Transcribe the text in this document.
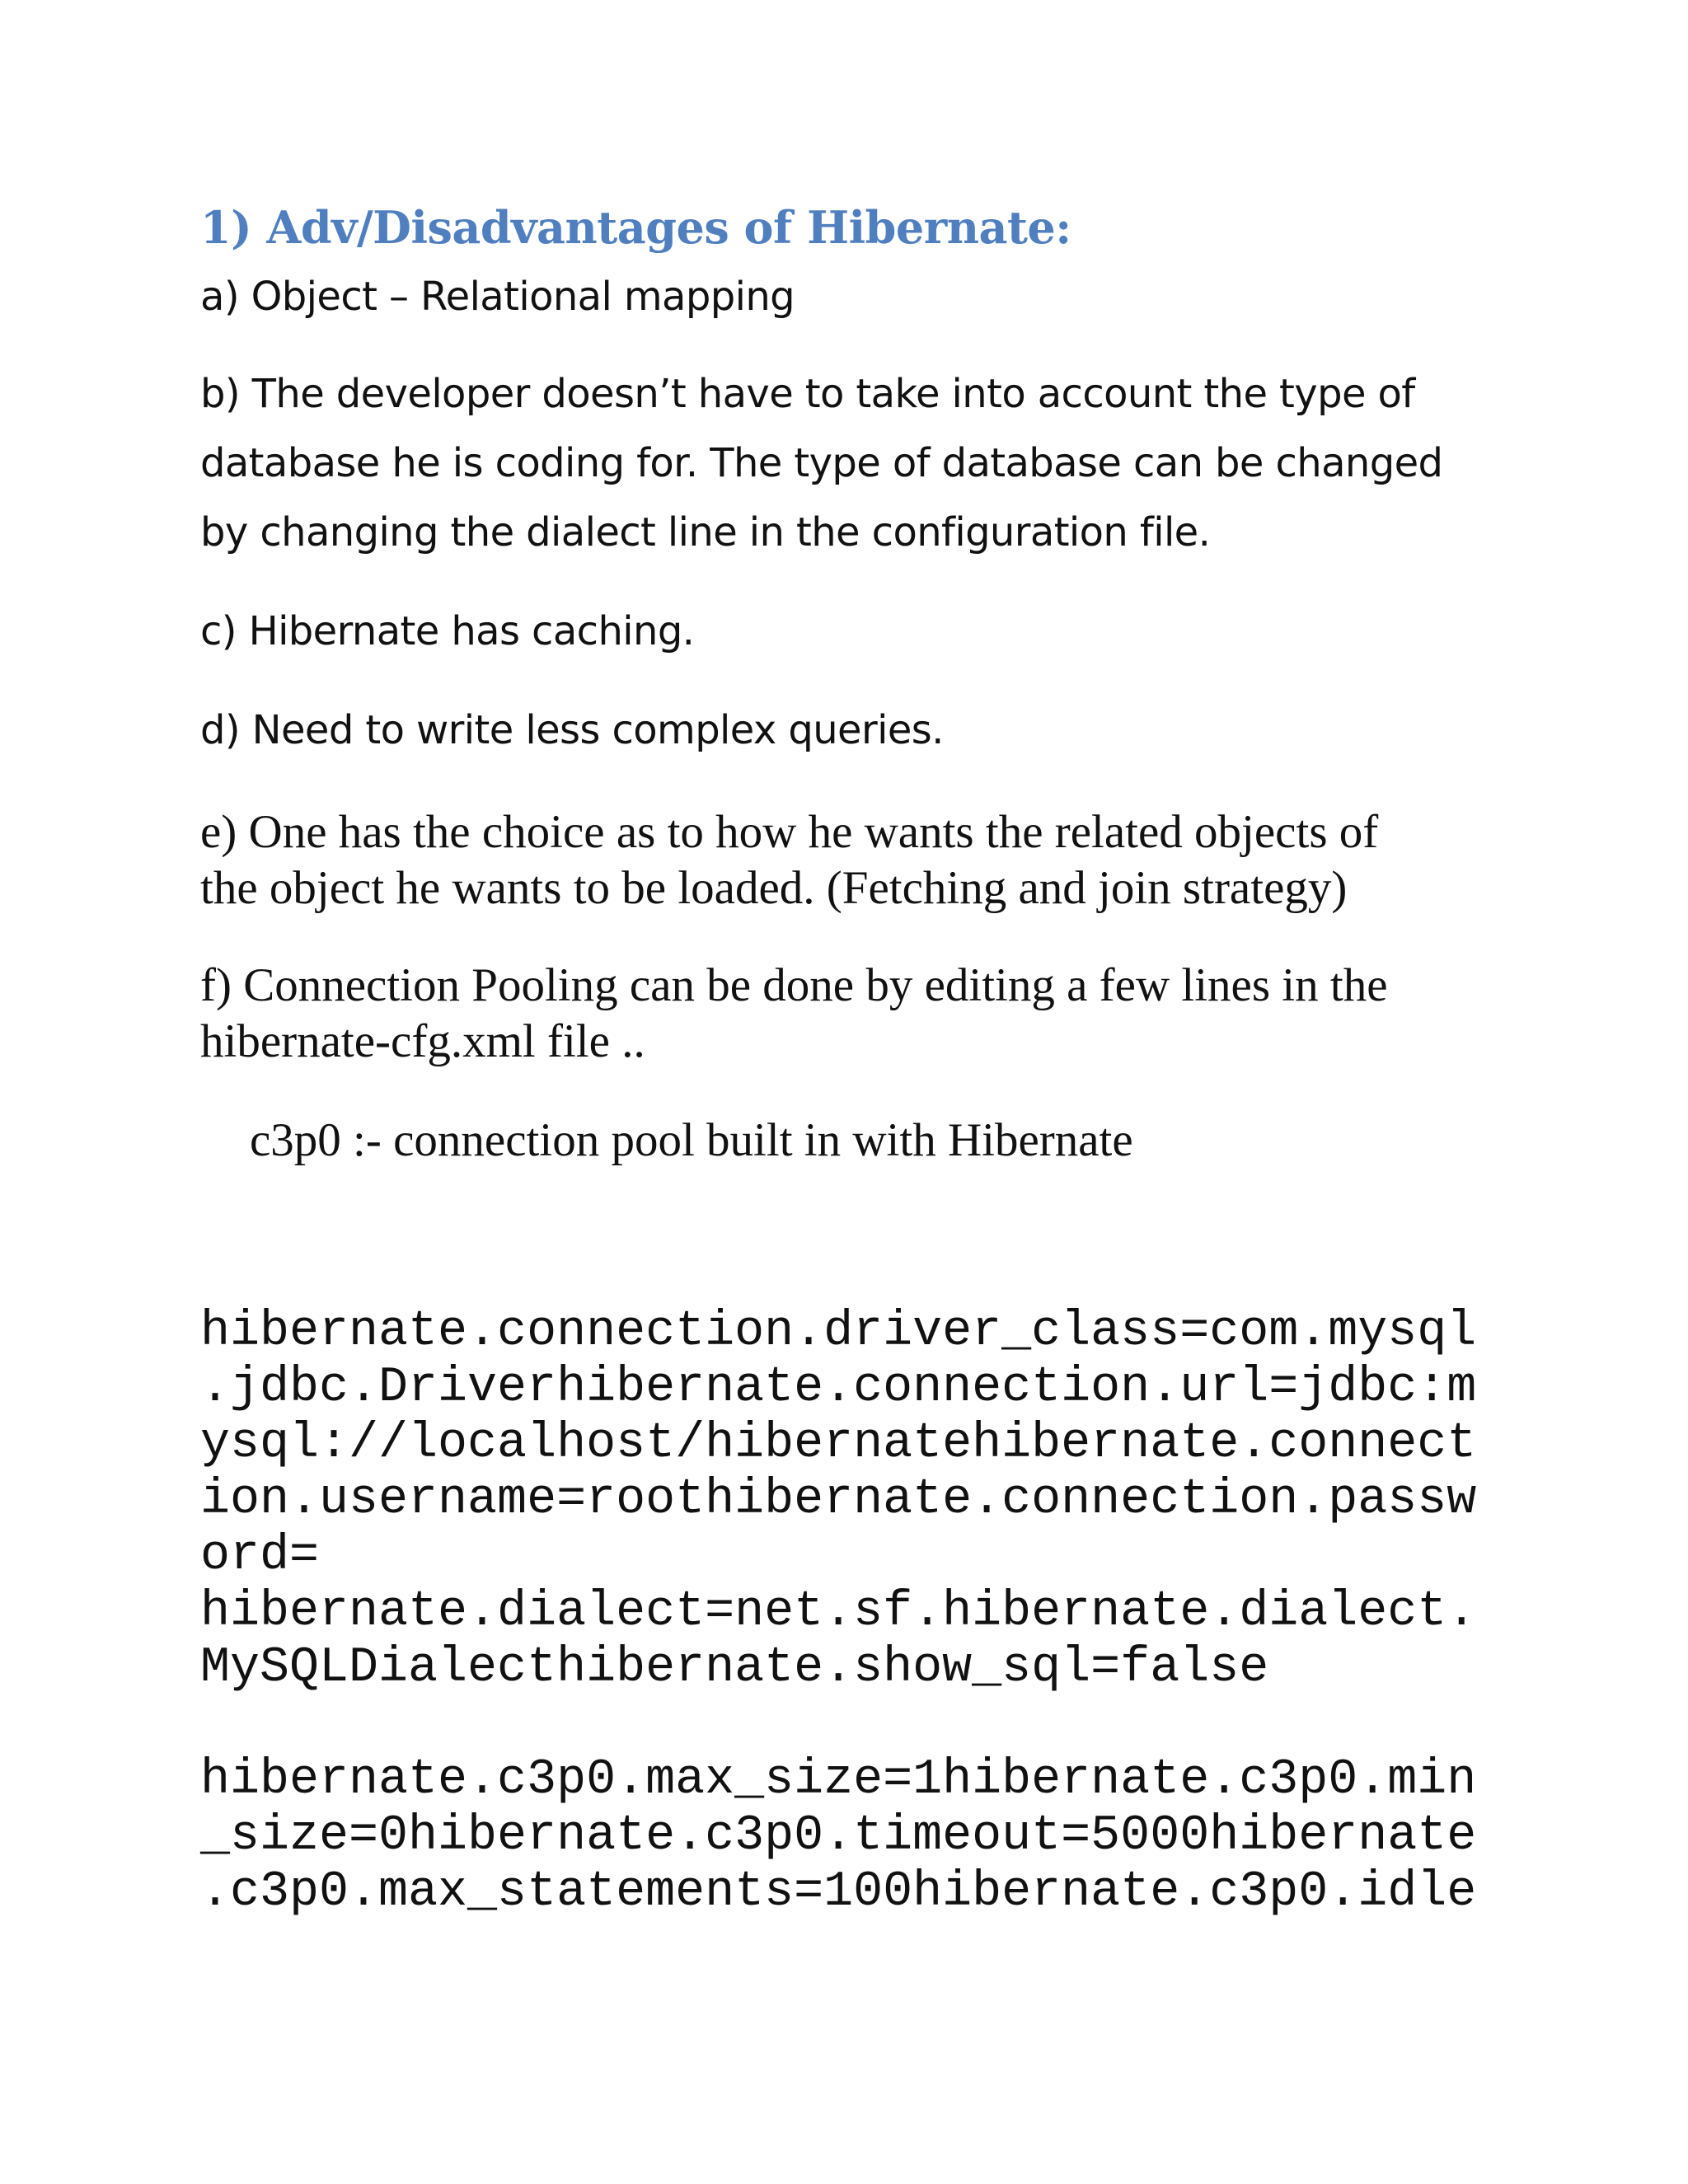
1) Adv/Disadvantages of Hibernate:
a) Object – Relational mapping
b) The developer doesn’t have to take into account the type of
database he is coding for. The type of database can be changed
by changing the dialect line in the configuration file.
c) Hibernate has caching.
d) Need to write less complex queries.
e) One has the choice as to how he wants the related objects of
the object he wants to be loaded. (Fetching and join strategy)
f) Connection Pooling can be done by editing a few lines in the
hibernate-cfg.xml file ..
c3p0 :- connection pool built in with Hibernate
hibernate.connection.driver_class=com.mysql
.jdbc.Driverhibernate.connection.url=jdbc:m
ysql://localhost/hibernatehibernate.connect
ion.username=roothibernate.connection.passw
ord=
hibernate.dialect=net.sf.hibernate.dialect.
MySQLDialecthibernate.show_sql=false
hibernate.c3p0.max_size=1hibernate.c3p0.min
_size=0hibernate.c3p0.timeout=5000hibernate
.c3p0.max_statements=100hibernate.c3p0.idle
